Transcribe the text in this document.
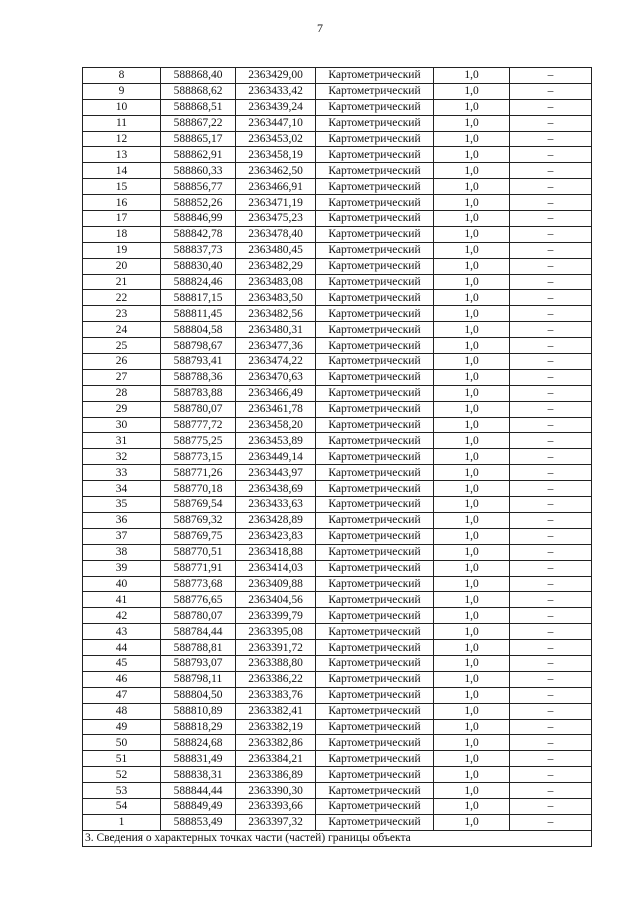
7
8	588868,40	2363429,00	Картометрический	1,0	–
9	588868,62	2363433,42	Картометрический	1,0	–
10	588868,51	2363439,24	Картометрический	1,0	–
11	588867,22	2363447,10	Картометрический	1,0	–
12	588865,17	2363453,02	Картометрический	1,0	–
13	588862,91	2363458,19	Картометрический	1,0	–
14	588860,33	2363462,50	Картометрический	1,0	–
15	588856,77	2363466,91	Картометрический	1,0	–
16	588852,26	2363471,19	Картометрический	1,0	–
17	588846,99	2363475,23	Картометрический	1,0	–
18	588842,78	2363478,40	Картометрический	1,0	–
19	588837,73	2363480,45	Картометрический	1,0	–
20	588830,40	2363482,29	Картометрический	1,0	–
21	588824,46	2363483,08	Картометрический	1,0	–
22	588817,15	2363483,50	Картометрический	1,0	–
23	588811,45	2363482,56	Картометрический	1,0	–
24	588804,58	2363480,31	Картометрический	1,0	–
25	588798,67	2363477,36	Картометрический	1,0	–
26	588793,41	2363474,22	Картометрический	1,0	–
27	588788,36	2363470,63	Картометрический	1,0	–
28	588783,88	2363466,49	Картометрический	1,0	–
29	588780,07	2363461,78	Картометрический	1,0	–
30	588777,72	2363458,20	Картометрический	1,0	–
31	588775,25	2363453,89	Картометрический	1,0	–
32	588773,15	2363449,14	Картометрический	1,0	–
33	588771,26	2363443,97	Картометрический	1,0	–
34	588770,18	2363438,69	Картометрический	1,0	–
35	588769,54	2363433,63	Картометрический	1,0	–
36	588769,32	2363428,89	Картометрический	1,0	–
37	588769,75	2363423,83	Картометрический	1,0	–
38	588770,51	2363418,88	Картометрический	1,0	–
39	588771,91	2363414,03	Картометрический	1,0	–
40	588773,68	2363409,88	Картометрический	1,0	–
41	588776,65	2363404,56	Картометрический	1,0	–
42	588780,07	2363399,79	Картометрический	1,0	–
43	588784,44	2363395,08	Картометрический	1,0	–
44	588788,81	2363391,72	Картометрический	1,0	–
45	588793,07	2363388,80	Картометрический	1,0	–
46	588798,11	2363386,22	Картометрический	1,0	–
47	588804,50	2363383,76	Картометрический	1,0	–
48	588810,89	2363382,41	Картометрический	1,0	–
49	588818,29	2363382,19	Картометрический	1,0	–
50	588824,68	2363382,86	Картометрический	1,0	–
51	588831,49	2363384,21	Картометрический	1,0	–
52	588838,31	2363386,89	Картометрический	1,0	–
53	588844,44	2363390,30	Картометрический	1,0	–
54	588849,49	2363393,66	Картометрический	1,0	–
1	588853,49	2363397,32	Картометрический	1,0	–
3. Сведения о характерных точках части (частей) границы объекта					
